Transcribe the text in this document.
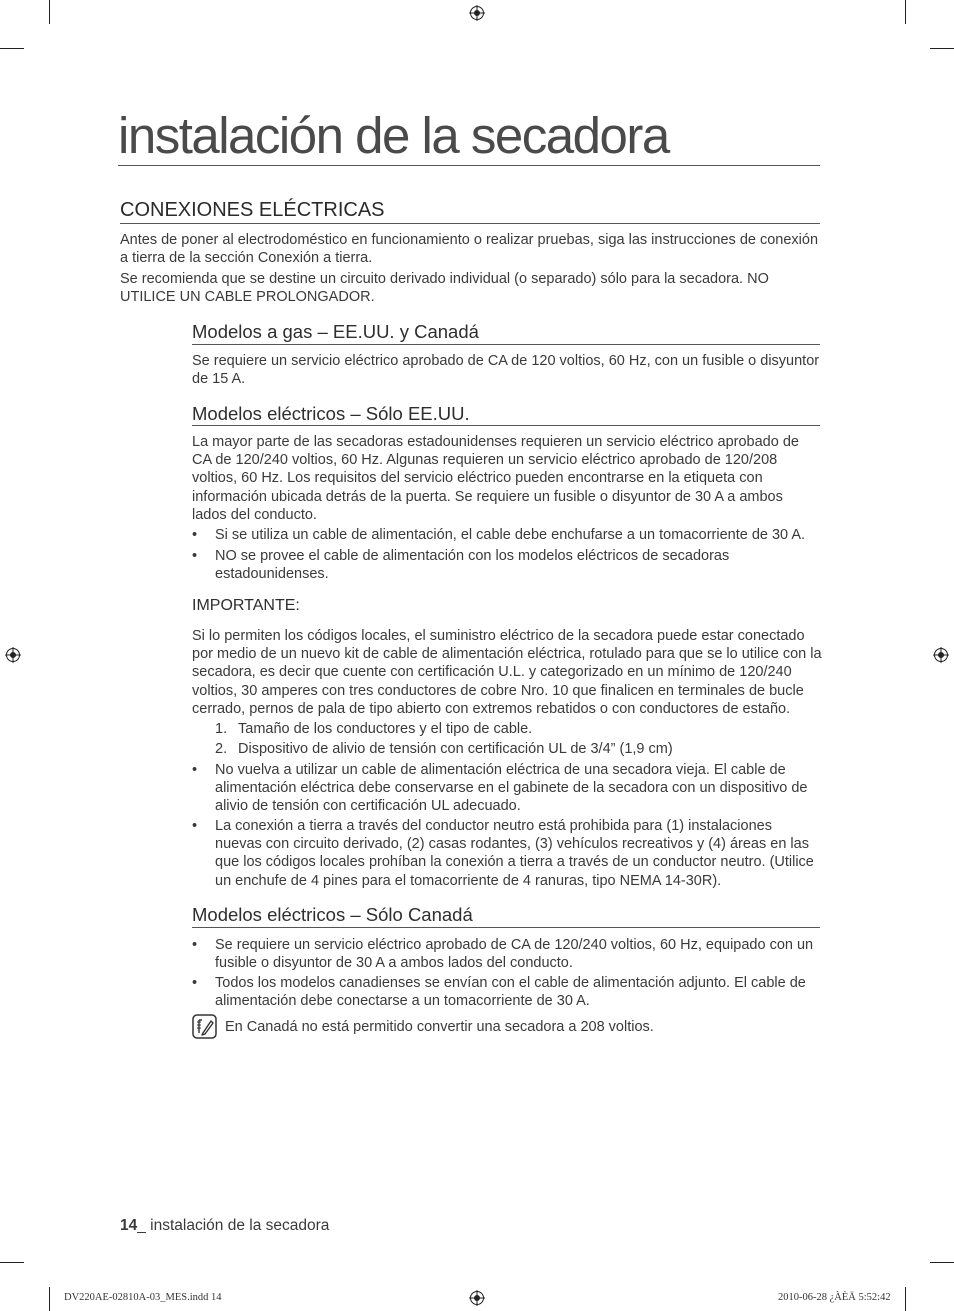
instalación de la secadora
CONEXIONES ELÉCTRICAS
Antes de poner al electrodoméstico en funcionamiento o realizar pruebas, siga las instrucciones de conexión a tierra de la sección Conexión a tierra.
Se recomienda que se destine un circuito derivado individual (o separado) sólo para la secadora. NO UTILICE UN CABLE PROLONGADOR.
Modelos a gas – EE.UU. y Canadá
Se requiere un servicio eléctrico aprobado de CA de 120 voltios, 60 Hz, con un fusible o disyuntor de 15 A.
Modelos eléctricos – Sólo EE.UU.
La mayor parte de las secadoras estadounidenses requieren un servicio eléctrico aprobado de CA de 120/240 voltios, 60 Hz. Algunas requieren un servicio eléctrico aprobado de 120/208 voltios, 60 Hz. Los requisitos del servicio eléctrico pueden encontrarse en la etiqueta con información ubicada detrás de la puerta. Se requiere un fusible o disyuntor de 30 A a ambos lados del conducto.
• Si se utiliza un cable de alimentación, el cable debe enchufarse a un tomacorriente de 30 A.
• NO se provee el cable de alimentación con los modelos eléctricos de secadoras estadounidenses.
IMPORTANTE:
Si lo permiten los códigos locales, el suministro eléctrico de la secadora puede estar conectado por medio de un nuevo kit de cable de alimentación eléctrica, rotulado para que se lo utilice con la secadora, es decir que cuente con certificación U.L. y categorizado en un mínimo de 120/240 voltios, 30 amperes con tres conductores de cobre Nro. 10 que finalicen en terminales de bucle cerrado, pernos de pala de tipo abierto con extremos rebatidos o con conductores de estaño.
1. Tamaño de los conductores y el tipo de cable.
2. Dispositivo de alivio de tensión con certificación UL de 3/4” (1,9 cm)
• No vuelva a utilizar un cable de alimentación eléctrica de una secadora vieja. El cable de alimentación eléctrica debe conservarse en el gabinete de la secadora con un dispositivo de alivio de tensión con certificación UL adecuado.
• La conexión a tierra a través del conductor neutro está prohibida para (1) instalaciones nuevas con circuito derivado, (2) casas rodantes, (3) vehículos recreativos y (4) áreas en las que los códigos locales prohíban la conexión a tierra a través de un conductor neutro. (Utilice un enchufe de 4 pines para el tomacorriente de 4 ranuras, tipo NEMA 14-30R).
Modelos eléctricos – Sólo Canadá
• Se requiere un servicio eléctrico aprobado de CA de 120/240 voltios, 60 Hz, equipado con un fusible o disyuntor de 30 A a ambos lados del conducto.
• Todos los modelos canadienses se envían con el cable de alimentación adjunto. El cable de alimentación debe conectarse a un tomacorriente de 30 A.
En Canadá no está permitido convertir una secadora a 208 voltios.
14_ instalación de la secadora
DV220AE-02810A-03_MES.indd 14	2010-06-28 ¿ÀÈÄ 5:52:42
